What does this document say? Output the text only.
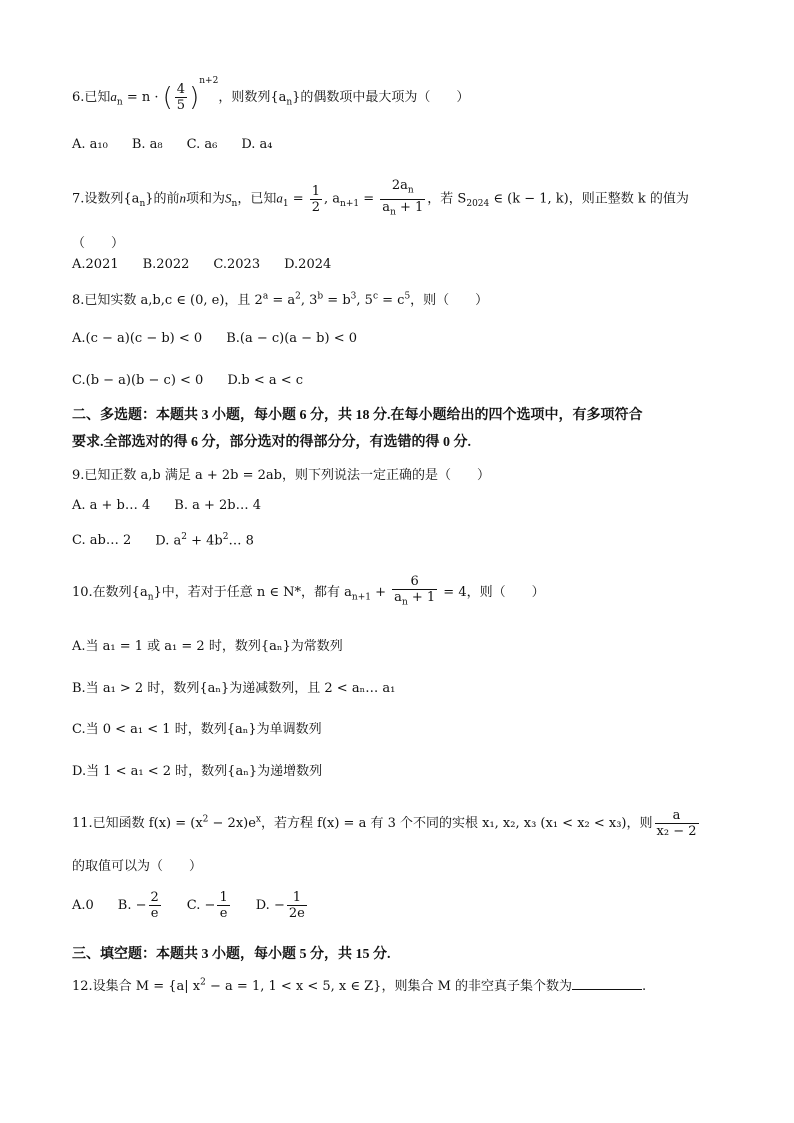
6.已知$a_n = n$ · ( $\frac{4}{5} )^{n+2}$，则数列$\{a_n\}$的偶数项中最大项为（　　）
A. a₁₀ B. a₈ C. a₆ D. a₄
7.设数列$\{a_n\}$的前n项和为$S_n$，已知$a_1 = \frac{1}{2}$ , $a_{n+1} = \frac{2a_n}{a_n + 1}$ ，若 $S_{2024}$ ∈ (k − 1, k)，则正整数 k 的值为
（　　）
A.2021 B.2022 C.2023 D.2024
8.已知实数 a,b,c ∈ (0, e)，且 $2^a = a^2$, $3^b = b^3$, $5^c = c^5$，则（　　）
A.(c − a)(c − b) < 0 B.(a − c)(a − b) < 0
C.(b − a)(b − c) < 0 D.b < a < c
二、多选题：本题共 3 小题，每小题 6 分，共 18 分.在每小题给出的四个选项中，有多项符合
要求.全部选对的得 6 分，部分选对的得部分分，有选错的得 0 分.
9.已知正数 a,b 满足 a + 2b = 2ab，则下列说法一定正确的是（　　）
A. a + b… 4 B. a + 2b… 4
C. ab… 2 D. $a^2$ + $4b^2\dots$ 8
10.在数列$\{a_n\}$中，若对于任意 n ∈ N*，都有 $a_{n+1} + \frac{6}{a_n + 1} = 4$，则（　　）
A.当 a₁ = 1 或 a₁ = 2 时，数列{aₙ}为常数列
B.当 a₁ > 2 时，数列{aₙ}为递减数列，且 2 < aₙ… a₁
C.当 0 < a₁ < 1 时，数列{aₙ}为单调数列
D.当 1 < a₁ < 2 时，数列{aₙ}为递增数列
11.已知函数 $f(x) = (x^2 - 2x)e^x$，若方程 f(x) = a 有 3 个不同的实根 x₁, x₂, x₃ (x₁ < x₂ < x₃)，则 $\frac{a}{\text{x₂ − 2}}$
的取值可以为（　　）
A.0 B. − $\frac{2}{e} C$. − $\frac{1}{e} D$. − $\frac{1}{2e}$
三、填空题：本题共 3 小题，每小题 5 分，共 15 分.
12.设集合 M = {a| $x^2 - a = 1$, 1 < x < 5, x ∈ Z}，则集合 M 的非空真子集个数为	.
